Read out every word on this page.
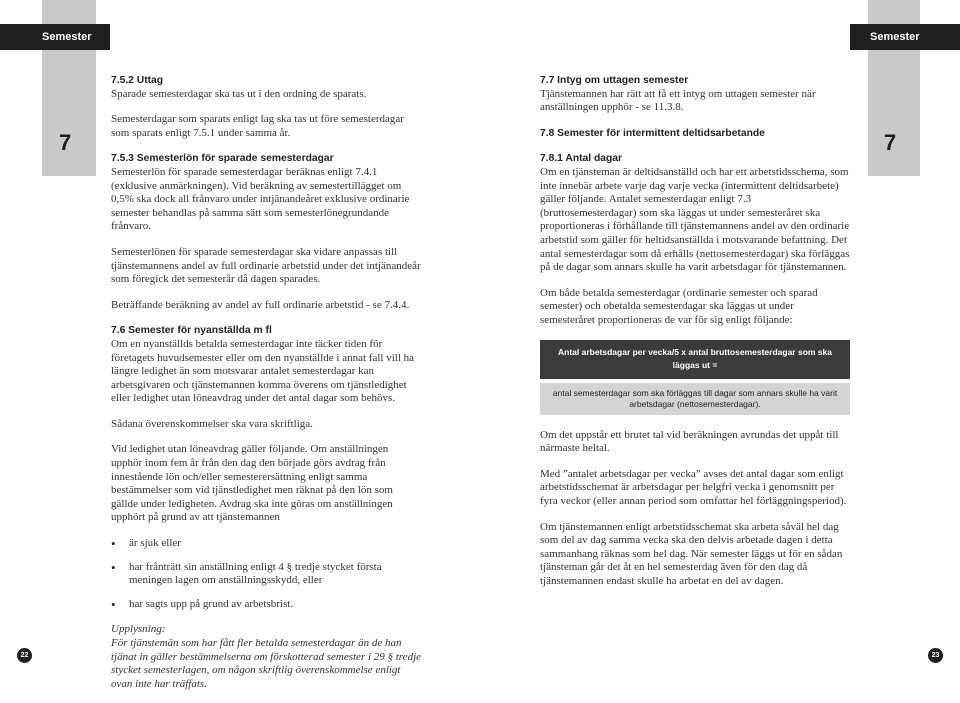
Semester	Semester
7	7

7.5.2 Uttag
Sparade semesterdagar ska tas ut i den ordning de sparats.

Semesterdagar som sparats enligt lag ska tas ut före semesterdagar som sparats enligt 7.5.1 under samma år.

7.5.3 Semesterlön för sparade semesterdagar
Semesterlön för sparade semesterdagar beräknas enligt 7.4.1 (exklusive anmärkningen). Vid beräkning av semestertillägget om 0,5% ska dock all frånvaro under intjänandeåret exklusive ordinarie semester behandlas på samma sätt som semesterlönegrundande frånvaro.

Semesterlönen för sparade semesterdagar ska vidare anpassas till tjänstemannens andel av full ordinarie arbetstid under det intjänandeår som föregick det semesterår då dagen sparades.

Beträffande beräkning av andel av full ordinarie arbetstid - se 7.4.4.

7.6 Semester för nyanställda m fl
Om en nyanställds betalda semesterdagar inte täcker tiden för företagets huvudsemester eller om den nyanställde i annat fall vill ha längre ledighet än som motsvarar antalet semesterdagar kan arbetsgivaren och tjänstemannen komma överens om tjänstledighet eller ledighet utan löneavdrag under det antal dagar som behövs.

Sådana överenskommelser ska vara skriftliga.

Vid ledighet utan löneavdrag gäller följande. Om anställningen upphör inom fem år från den dag den började görs avdrag från innestående lön och/eller semesterersättning enligt samma bestämmelser som vid tjänstledighet men räknat på den lön som gällde under ledigheten. Avdrag ska inte göras om anställningen upphört på grund av att tjänstemannen

• är sjuk eller
• har frånträtt sin anställning enligt 4 § tredje stycket första meningen lagen om anställningsskydd, eller
• har sagts upp på grund av arbetsbrist.

Upplysning:
För tjänstemän som har fått fler betalda semesterdagar än de han tjänat in gäller bestämmelserna om förskotterad semester i 29 § tredje stycket semesterlagen, om någon skriftlig överenskommelse enligt ovan inte har träffats.

7.7 Intyg om uttagen semester
Tjänstemannen har rätt att få ett intyg om uttagen semester när anställningen upphör - se 11.3.8.

7.8 Semester för intermittent deltidsarbetande

7.8.1 Antal dagar
Om en tjänsteman är deltidsanställd och har ett arbetstidsschema, som inte innebär arbete varje dag varje vecka (intermittent deltidsarbete) gäller följande. Antalet semesterdagar enligt 7.3 (bruttosemesterdagar) som ska läggas ut under semesteråret ska proportioneras i förhållande till tjänstemannens andel av den ordinarie arbetstid som gäller för heltidsanställda i motsvarande befattning. Det antal semesterdagar som då erhålls (nettosemesterdagar) ska förläggas på de dagar som annars skulle ha varit arbetsdagar för tjänstemannen.

Om både betalda semesterdagar (ordinarie semester och sparad semester) och obetalda semesterdagar ska läggas ut under semesteråret proportioneras de var för sig enligt följande:

Antal arbetsdagar per vecka/5 x antal bruttosemesterdagar som ska läggas ut =
antal semesterdagar som ska förläggas till dagar som annars skulle ha varit arbetsdagar (nettosemesterdagar).

Om det uppstår ett brutet tal vid beräkningen avrundas det uppåt till närmaste heltal.

Med ”antalet arbetsdagar per vecka” avses det antal dagar som enligt arbetstidsschemat är arbetsdagar per helgfri vecka i genomsnitt per fyra veckor (eller annan period som omfattar hel förläggningsperiod).

Om tjänstemannen enligt arbetstidsschemat ska arbeta såväl hel dag som del av dag samma vecka ska den delvis arbetade dagen i detta sammanhang räknas som hel dag. När semester läggs ut för en sådan tjänsteman går det åt en hel semesterdag även för den dag då tjänstemannen endast skulle ha arbetat en del av dagen.

22	23
